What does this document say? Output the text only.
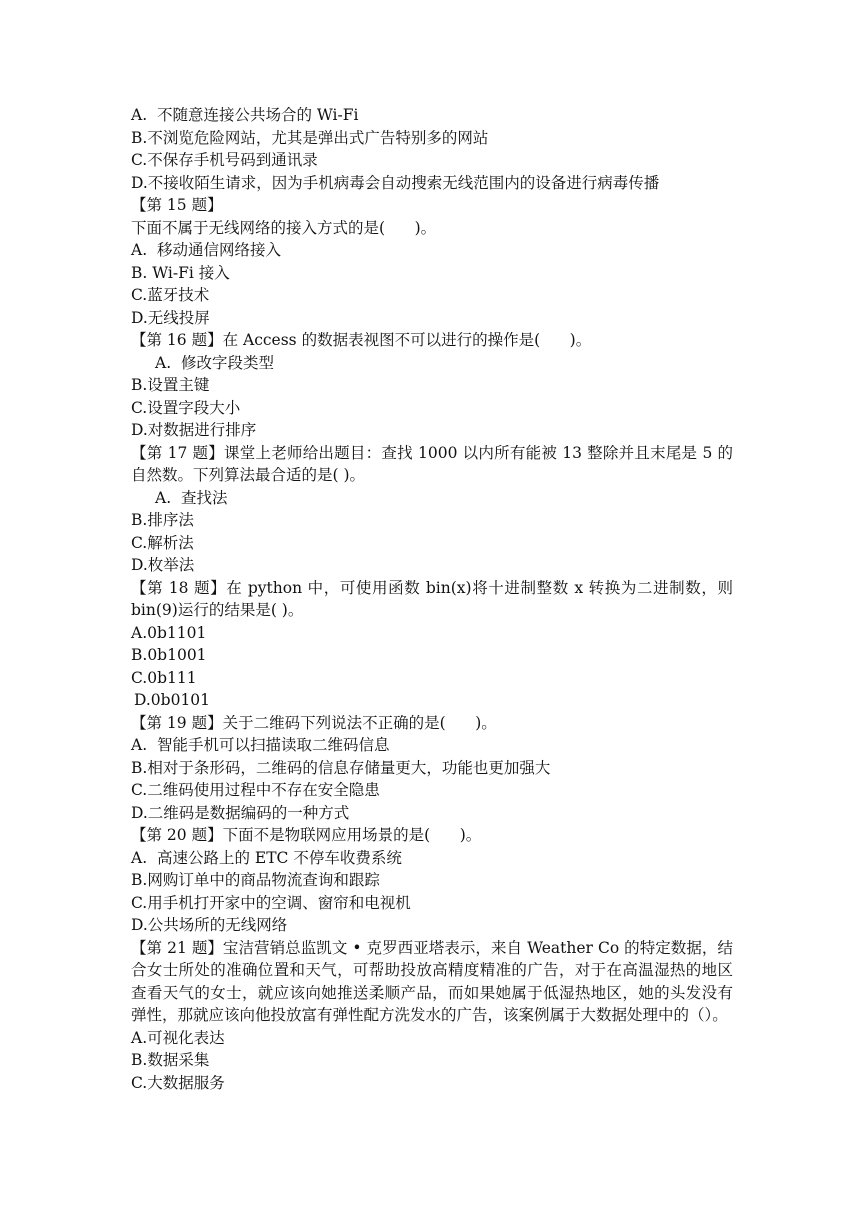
A.  不随意连接公共场合的 Wi-Fi
B.不浏览危险网站，尤其是弹出式广告特别多的网站
C.不保存手机号码到通讯录
D.不接收陌生请求，因为手机病毒会自动搜索无线范围内的设备进行病毒传播
【第 15 题】
下面不属于无线网络的接入方式的是(      )。
A.  移动通信网络接入
B. Wi-Fi 接入
C.蓝牙技术
D.无线投屏
【第 16 题】在 Access 的数据表视图不可以进行的操作是(      )。
A.  修改字段类型
B.设置主键
C.设置字段大小
D.对数据进行排序
【第 17 题】课堂上老师给出题目：查找 1000 以内所有能被 13 整除并且末尾是 5 的自然数。下列算法最合适的是( )。
A.  查找法
B.排序法
C.解析法
D.枚举法
【第 18 题】在 python 中，可使用函数 bin(x)将十进制整数 x 转换为二进制数，则 bin(9)运行的结果是( )。
A.0b1101
B.0b1001
C.0b111
D.0b0101
【第 19 题】关于二维码下列说法不正确的是(      )。
A.  智能手机可以扫描读取二维码信息
B.相对于条形码，二维码的信息存储量更大，功能也更加强大
C.二维码使用过程中不存在安全隐患
D.二维码是数据编码的一种方式
【第 20 题】下面不是物联网应用场景的是(      )。
A.  高速公路上的 ETC 不停车收费系统
B.网购订单中的商品物流查询和跟踪
C.用手机打开家中的空调、窗帘和电视机
D.公共场所的无线网络
【第 21 题】宝洁营销总监凯文 • 克罗西亚塔表示，来自 Weather Co 的特定数据，结合女士所处的准确位置和天气，可帮助投放高精度精准的广告，对于在高温湿热的地区查看天气的女士，就应该向她推送柔顺产品，而如果她属于低湿热地区，她的头发没有弹性，那就应该向他投放富有弹性配方洗发水的广告，该案例属于大数据处理中的（）。
A.可视化表达
B.数据采集
C.大数据服务
